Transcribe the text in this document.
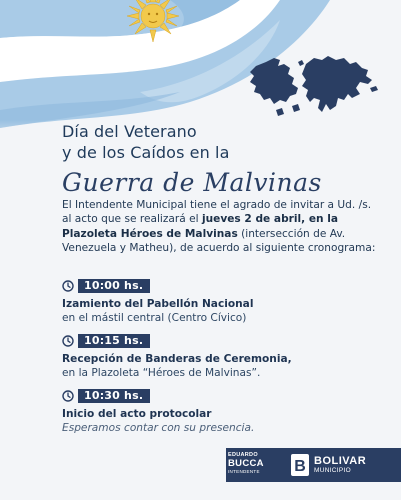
Día del Veterano
y de los Caídos en la
Guerra de Malvinas
El Intendente Municipal tiene el agrado de invitar a Ud. /s. al acto que se realizará el jueves 2 de abril, en la Plazoleta Héroes de Malvinas (intersección de Av. Venezuela y Matheu), de acuerdo al siguiente cronograma:
10:00 hs.
Izamiento del Pabellón Nacional
en el mástil central (Centro Cívico)
10:15 hs.
Recepción de Banderas de Ceremonia,
en la Plazoleta “Héroes de Malvinas”.
10:30 hs.
Inicio del acto protocolar
Esperamos contar con su presencia.
EDUARDO
BUCCA
INTENDENTE	B BOLIVAR
MUNICIPIO
